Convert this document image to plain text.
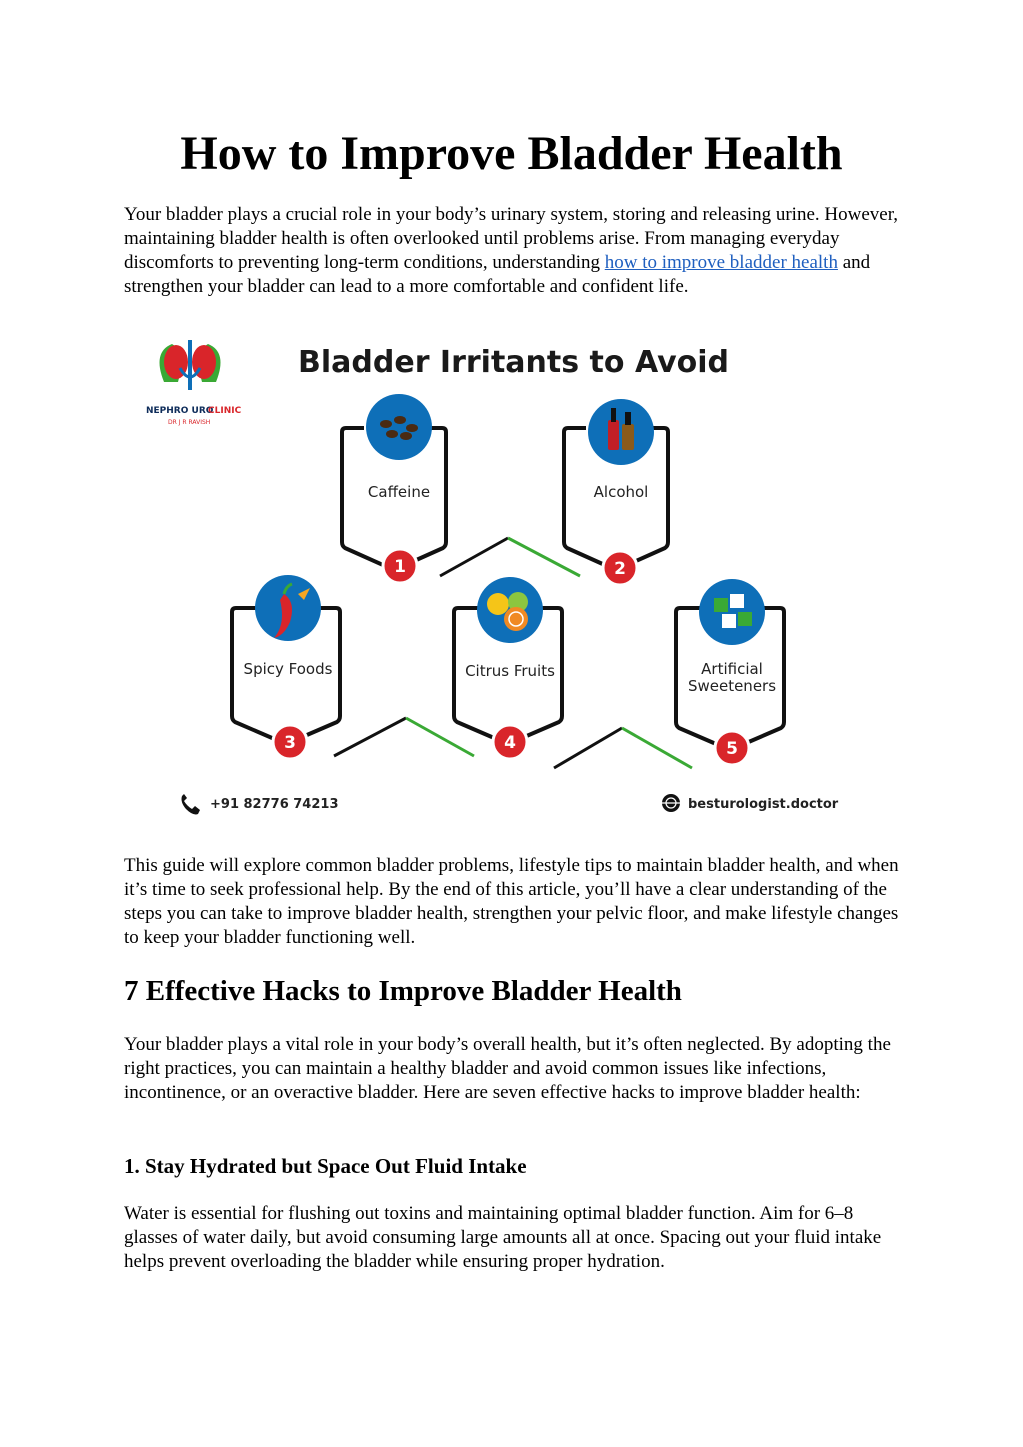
How to Improve Bladder Health

Your bladder plays a crucial role in your body’s urinary system, storing and releasing urine. However, maintaining bladder health is often overlooked until problems arise. From managing everyday discomforts to preventing long-term conditions, understanding how to improve bladder health and strengthen your bladder can lead to a more comfortable and confident life.

NEPHRO URO
CLINIC
DR J R RAVISH
Bladder Irritants to Avoid
Caffeine
1
Alcohol
2
Spicy Foods
3
Citrus Fruits
4
Artificial
Sweeteners
5
+91 82776 74213	besturologist.doctor

This guide will explore common bladder problems, lifestyle tips to maintain bladder health, and when it’s time to seek professional help. By the end of this article, you’ll have a clear understanding of the steps you can take to improve bladder health, strengthen your pelvic floor, and make lifestyle changes to keep your bladder functioning well.

7 Effective Hacks to Improve Bladder Health

Your bladder plays a vital role in your body’s overall health, but it’s often neglected. By adopting the right practices, you can maintain a healthy bladder and avoid common issues like infections, incontinence, or an overactive bladder. Here are seven effective hacks to improve bladder health:

1. Stay Hydrated but Space Out Fluid Intake

Water is essential for flushing out toxins and maintaining optimal bladder function. Aim for 6–8 glasses of water daily, but avoid consuming large amounts all at once. Spacing out your fluid intake helps prevent overloading the bladder while ensuring proper hydration.
